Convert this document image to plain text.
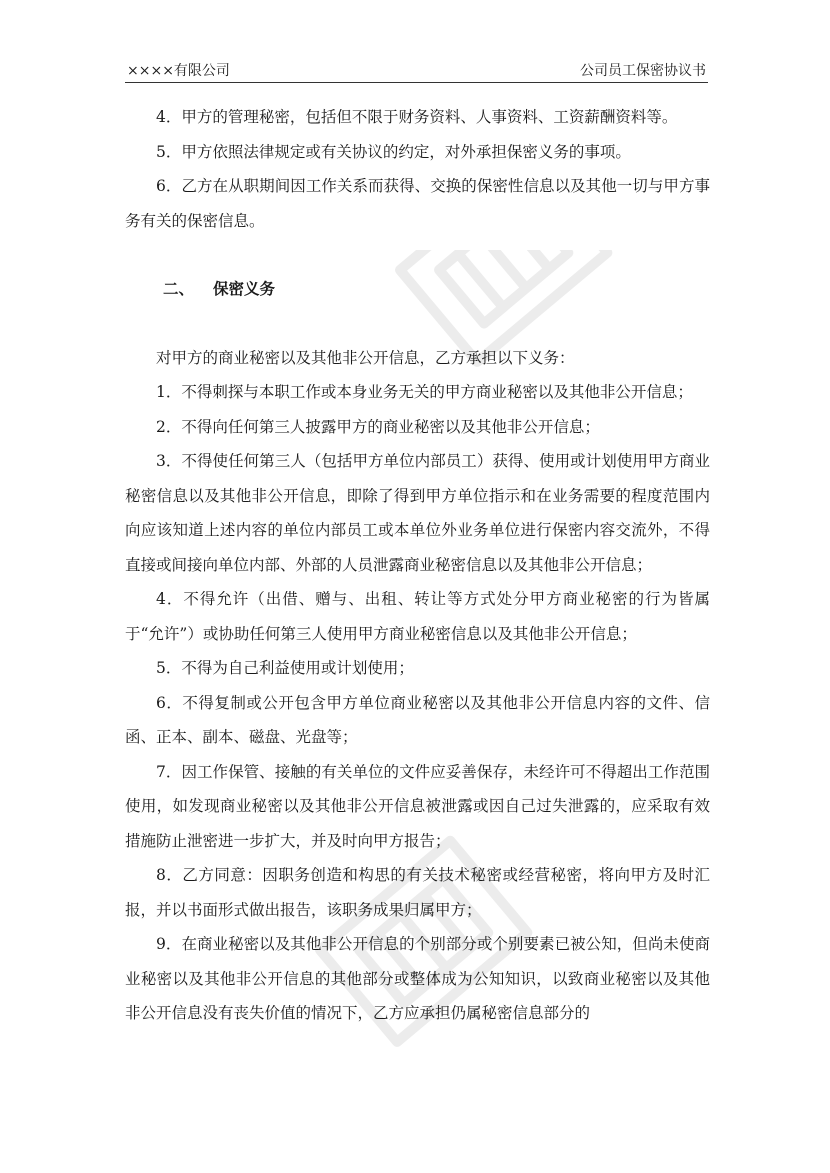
××××有限公司	公司员工保密协议书

4．甲方的管理秘密，包括但不限于财务资料、人事资料、工资薪酬资料等。

5．甲方依照法律规定或有关协议的约定，对外承担保密义务的事项。

6．乙方在从职期间因工作关系而获得、交换的保密性信息以及其他一切与甲方事务有关的保密信息。

二、 保密义务

对甲方的商业秘密以及其他非公开信息，乙方承担以下义务：

1．不得刺探与本职工作或本身业务无关的甲方商业秘密以及其他非公开信息；

2．不得向任何第三人披露甲方的商业秘密以及其他非公开信息；

3．不得使任何第三人（包括甲方单位内部员工）获得、使用或计划使用甲方商业秘密信息以及其他非公开信息，即除了得到甲方单位指示和在业务需要的程度范围内向应该知道上述内容的单位内部员工或本单位外业务单位进行保密内容交流外，不得直接或间接向单位内部、外部的人员泄露商业秘密信息以及其他非公开信息；

4．不得允许（出借、赠与、出租、转让等方式处分甲方商业秘密的行为皆属于“允许”）或协助任何第三人使用甲方商业秘密信息以及其他非公开信息；

5．不得为自己利益使用或计划使用；

6．不得复制或公开包含甲方单位商业秘密以及其他非公开信息内容的文件、信函、正本、副本、磁盘、光盘等；

7．因工作保管、接触的有关单位的文件应妥善保存，未经许可不得超出工作范围使用，如发现商业秘密以及其他非公开信息被泄露或因自己过失泄露的，应采取有效措施防止泄密进一步扩大，并及时向甲方报告；

8．乙方同意：因职务创造和构思的有关技术秘密或经营秘密，将向甲方及时汇报，并以书面形式做出报告，该职务成果归属甲方；

9．在商业秘密以及其他非公开信息的个别部分或个别要素已被公知，但尚未使商业秘密以及其他非公开信息的其他部分或整体成为公知知识，以致商业秘密以及其他非公开信息没有丧失价值的情况下，乙方应承担仍属秘密信息部分的
